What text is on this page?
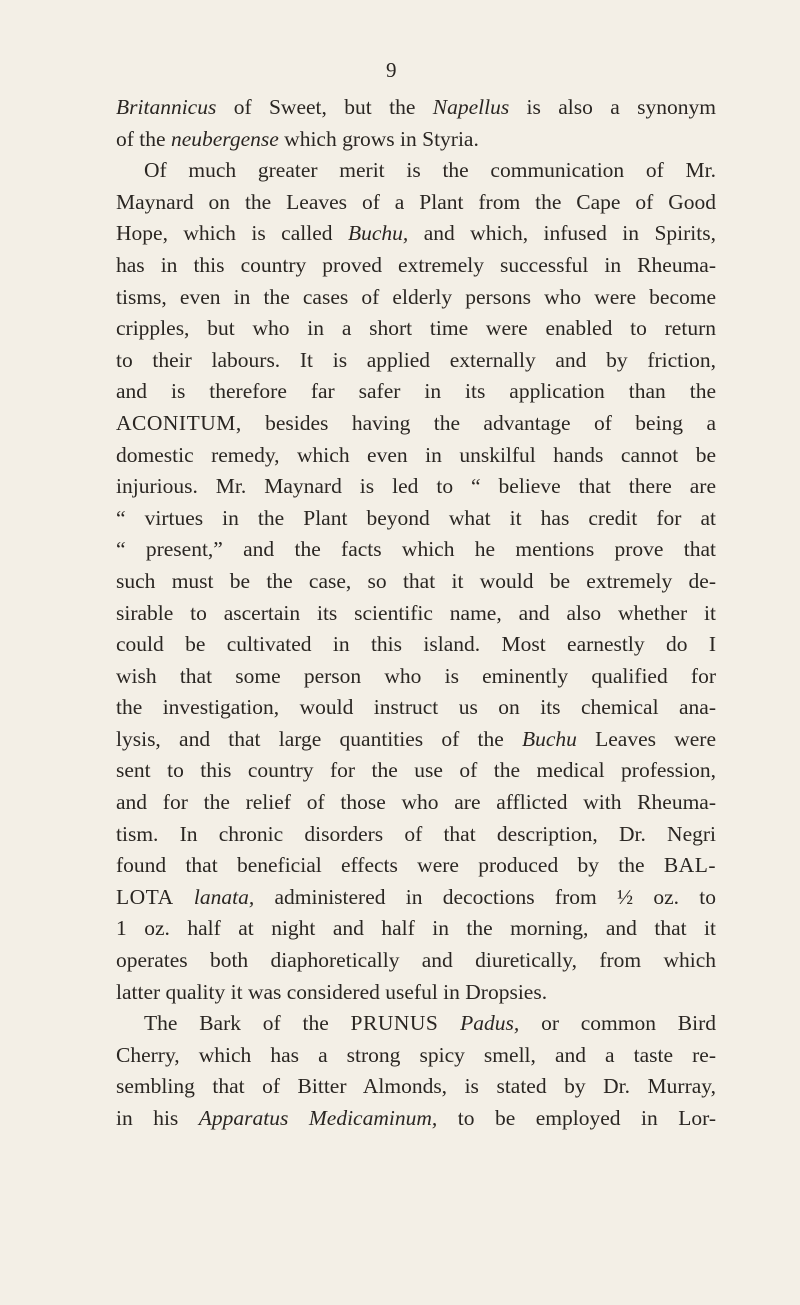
9
Britannicus of Sweet, but the Napellus is also a synonym
of the neubergense which grows in Styria.
Of much greater merit is the communication of Mr.
Maynard on the Leaves of a Plant from the Cape of Good
Hope, which is called Buchu, and which, infused in Spirits,
has in this country proved extremely successful in Rheuma-
tisms, even in the cases of elderly persons who were become
cripples, but who in a short time were enabled to return
to their labours. It is applied externally and by friction,
and is therefore far safer in its application than the
ACONITUM, besides having the advantage of being a
domestic remedy, which even in unskilful hands cannot be
injurious. Mr. Maynard is led to “ believe that there are
“ virtues in the Plant beyond what it has credit for at
“ present,” and the facts which he mentions prove that
such must be the case, so that it would be extremely de-
sirable to ascertain its scientific name, and also whether it
could be cultivated in this island. Most earnestly do I
wish that some person who is eminently qualified for
the investigation, would instruct us on its chemical ana-
lysis, and that large quantities of the Buchu Leaves were
sent to this country for the use of the medical profession,
and for the relief of those who are afflicted with Rheuma-
tism. In chronic disorders of that description, Dr. Negri
found that beneficial effects were produced by the BAL-
LOTA lanata, administered in decoctions from ½ oz. to
1 oz. half at night and half in the morning, and that it
operates both diaphoretically and diuretically, from which
latter quality it was considered useful in Dropsies.
The Bark of the PRUNUS Padus, or common Bird
Cherry, which has a strong spicy smell, and a taste re-
sembling that of Bitter Almonds, is stated by Dr. Murray,
in his Apparatus Medicaminum, to be employed in Lor-
